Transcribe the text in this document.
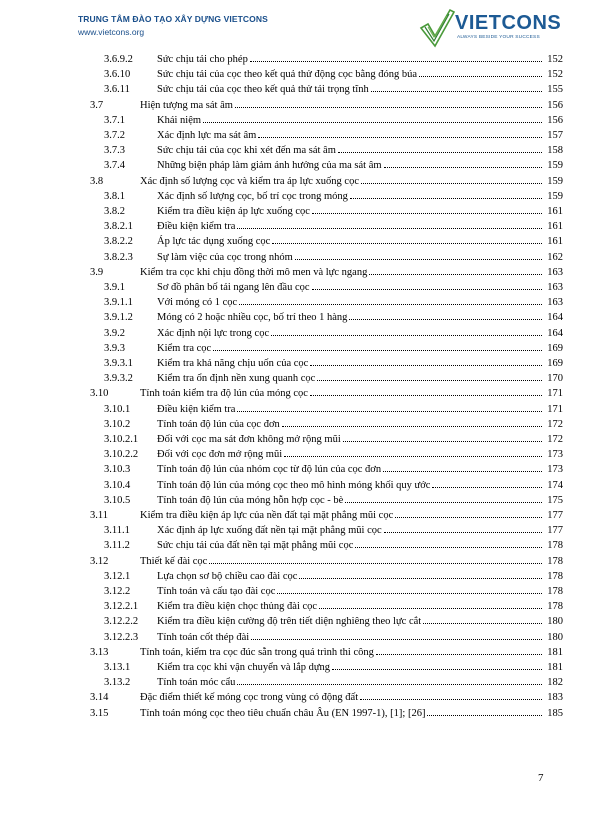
TRUNG TÂM ĐÀO TẠO XÂY DỰNG VIETCONS
www.vietcons.org	VIETCONS
ALWAYS BESIDE YOUR SUCCESS
3.6.9.2 Sức chịu tải cho phép	152
3.6.10	Sức chịu tải của cọc theo kết quả thử động cọc bằng đóng búa	152
3.6.11	Sức chịu tải của cọc theo kết quả thử tải trọng tĩnh	155
3.7	Hiện tượng ma sát âm	156
3.7.1	Khái niệm	156
3.7.2	Xác định lực ma sát âm	157
3.7.3	Sức chịu tải của cọc khi xét đến ma sát âm	158
3.7.4	Những biện pháp làm giảm ảnh hưởng của ma sát âm	159
3.8	Xác định số lượng cọc và kiểm tra áp lực xuống cọc	159
3.8.1	Xác định số lượng cọc, bố trí cọc trong móng	159
3.8.2	Kiểm tra điều kiện áp lực xuống cọc	161
3.8.2.1 Điều kiện kiểm tra	161
3.8.2.2 Áp lực tác dụng xuống cọc	161
3.8.2.3 Sự làm việc của cọc trong nhóm	162
3.9	Kiểm tra cọc khi chịu đồng thời mô men và lực ngang	163
3.9.1	Sơ đồ phân bố tải ngang lên đầu cọc	163
3.9.1.1 Với móng có 1 cọc	163
3.9.1.2 Móng có 2 hoặc nhiều cọc, bố trí theo 1 hàng	164
3.9.2	Xác định nội lực trong cọc	164
3.9.3	Kiểm tra cọc	169
3.9.3.1 Kiểm tra khả năng chịu uốn của cọc	169
3.9.3.2 Kiểm tra ổn định nền xung quanh cọc	170
3.10	Tính toán kiểm tra độ lún của móng cọc	171
3.10.1	Điều kiện kiểm tra	171
3.10.2	Tính toán độ lún của cọc đơn	172
3.10.2.1 Đối với cọc ma sát đơn không mở rộng mũi	172
3.10.2.2 Đối với cọc đơn mở rộng mũi	173
3.10.3	Tính toán độ lún của nhóm cọc từ độ lún của cọc đơn	173
3.10.4	Tính toán độ lún của móng cọc theo mô hình móng khối quy ước	174
3.10.5	Tính toán độ lún của móng hỗn hợp cọc - bè	175
3.11	Kiểm tra điều kiện áp lực của nền đất tại mặt phẳng mũi cọc	177
3.11.1	Xác định áp lực xuống đất nền tại mặt phẳng mũi cọc	177
3.11.2	Sức chịu tải của đất nền tại mặt phẳng mũi cọc	178
3.12	Thiết kế đài cọc	178
3.12.1	Lựa chọn sơ bộ chiều cao đài cọc	178
3.12.2	Tính toán và cấu tạo đài cọc	178
3.12.2.1 Kiểm tra điều kiện chọc thủng đài cọc	178
3.12.2.2 Kiểm tra điều kiện cường độ trên tiết diện nghiêng theo lực cắt	180
3.12.2.3 Tính toán cốt thép đài	180
3.13	Tính toán, kiểm tra cọc đúc sẵn trong quá trình thi công	181
3.13.1	Kiểm tra cọc khi vận chuyển và lắp dựng	181
3.13.2	Tính toán móc cẩu	182
3.14	Đặc điểm thiết kế móng cọc trong vùng có động đất	183
3.15	Tính toán móng cọc theo tiêu chuẩn châu Âu (EN 1997-1), [1]; [26]	185
7
